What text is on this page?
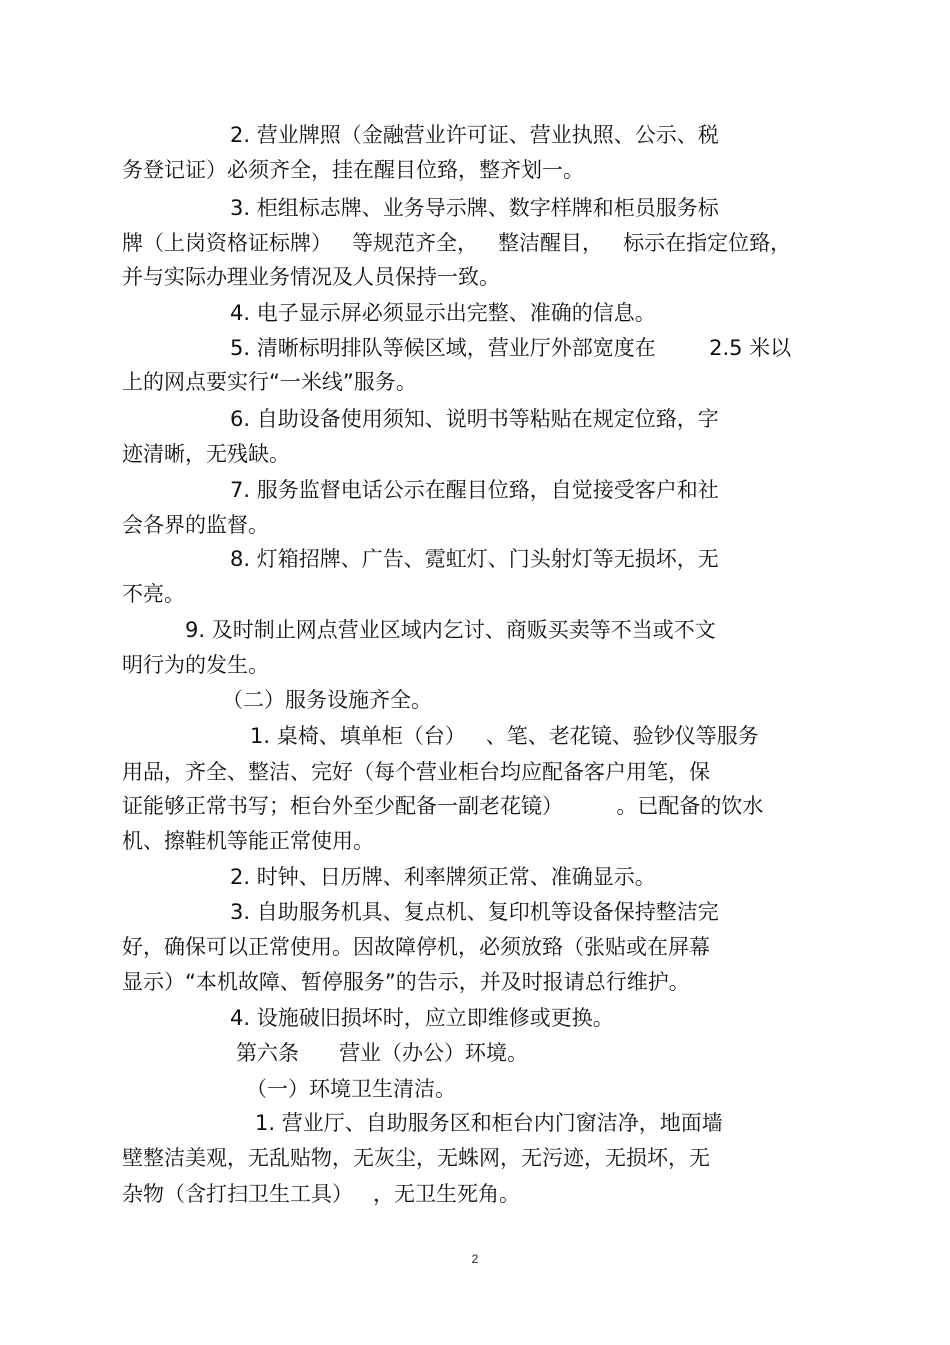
2. 营业牌照（金融营业许可证、营业执照、公示、税
务登记证）必须齐全，挂在醒目位臵，整齐划一。
3. 柜组标志牌、业务导示牌、数字样牌和柜员服务标
牌（上岗资格证标牌）   等规范齐全，   整洁醒目，   标示在指定位臵，
并与实际办理业务情况及人员保持一致。
4. 电子显示屏必须显示出完整、准确的信息。
5. 清晰标明排队等候区域，营业厅外部宽度在        2.5 米以
上的网点要实行“一米线”服务。
6. 自助设备使用须知、说明书等粘贴在规定位臵，字
迹清晰，无残缺。
7. 服务监督电话公示在醒目位臵，自觉接受客户和社
会各界的监督。
8. 灯箱招牌、广告、霓虹灯、门头射灯等无损坏，无
不亮。
9. 及时制止网点营业区域内乞讨、商贩买卖等不当或不文
明行为的发生。
（二）服务设施齐全。
1. 桌椅、填单柜（台）   、笔、老花镜、验钞仪等服务
用品，齐全、整洁、完好（每个营业柜台均应配备客户用笔，保
证能够正常书写；柜台外至少配备一副老花镜）        。已配备的饮水
机、擦鞋机等能正常使用。
2. 时钟、日历牌、利率牌须正常、准确显示。
3. 自助服务机具、复点机、复印机等设备保持整洁完
好，确保可以正常使用。因故障停机，必须放臵（张贴或在屏幕
显示）“本机故障、暂停服务”的告示，并及时报请总行维护。
4. 设施破旧损坏时，应立即维修或更换。
第六条      营业（办公）环境。
（一）环境卫生清洁。
1. 营业厅、自助服务区和柜台内门窗洁净，地面墙
壁整洁美观，无乱贴物，无灰尘，无蛛网，无污迹，无损坏，无
杂物（含打扫卫生工具）   ，无卫生死角。
2
